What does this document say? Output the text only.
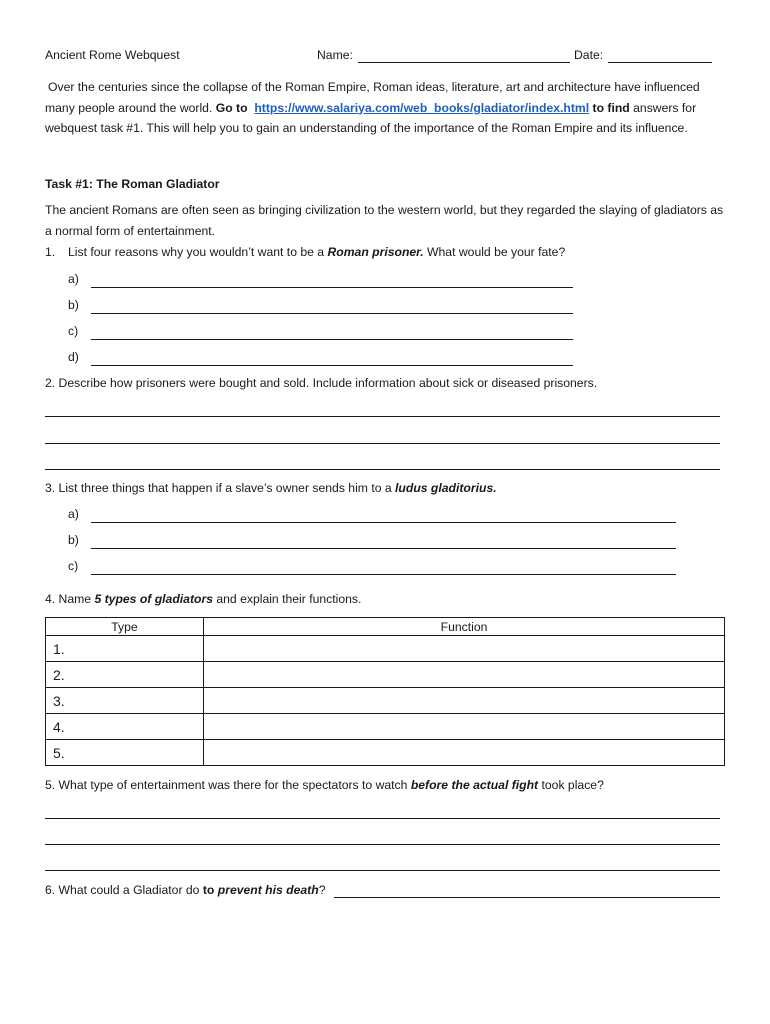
Ancient Rome Webquest	Name:	Date:
Over the centuries since the collapse of the Roman Empire, Roman ideas, literature, art and architecture have influenced many people around the world. Go to https://www.salariya.com/web_books/gladiator/index.html to find answers for webquest task #1. This will help you to gain an understanding of the importance of the Roman Empire and its influence.
Task #1: The Roman Gladiator
The ancient Romans are often seen as bringing civilization to the western world, but they regarded the slaying of gladiators as a normal form of entertainment.
1. List four reasons why you wouldn’t want to be a Roman prisoner. What would be your fate?
a)
b)
c)
d)
2. Describe how prisoners were bought and sold. Include information about sick or diseased prisoners.
3. List three things that happen if a slave’s owner sends him to a ludus gladitorius.
a)
b)
c)
4. Name 5 types of gladiators and explain their functions.
Type	Function
1.	
2.	
3.	
4.	
5.	
5. What type of entertainment was there for the spectators to watch before the actual fight took place?
6. What could a Gladiator do to prevent his death?
